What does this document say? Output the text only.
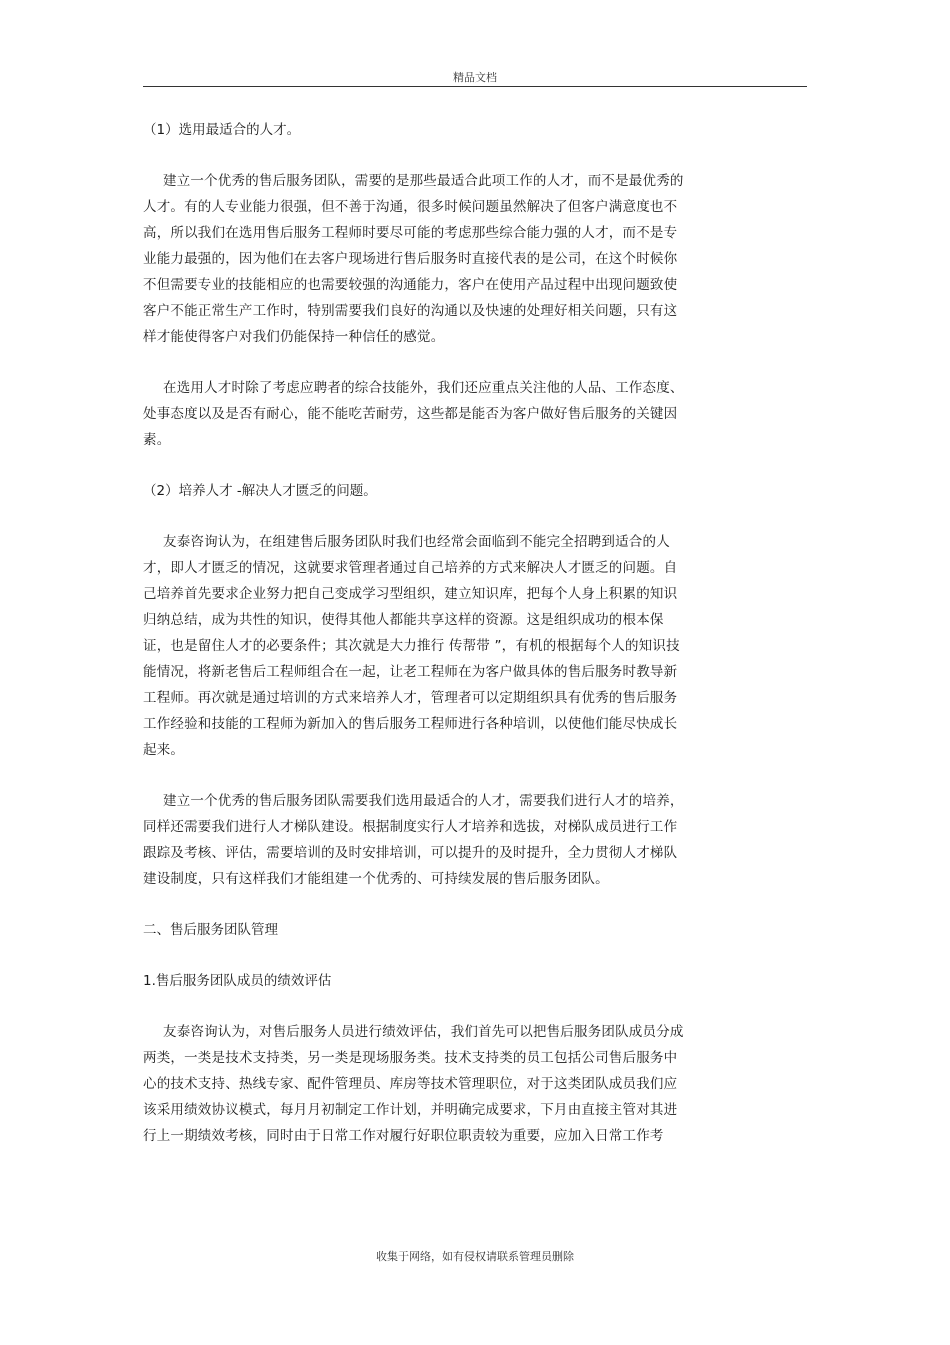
精品文档
（1）选用最适合的人才。
建立一个优秀的售后服务团队，需要的是那些最适合此项工作的人才，而不是最优秀的
人才。有的人专业能力很强，但不善于沟通，很多时候问题虽然解决了但客户满意度也不
高，所以我们在选用售后服务工程师时要尽可能的考虑那些综合能力强的人才，而不是专
业能力最强的，因为他们在去客户现场进行售后服务时直接代表的是公司，在这个时候你
不但需要专业的技能相应的也需要较强的沟通能力，客户在使用产品过程中出现问题致使
客户不能正常生产工作时，特别需要我们良好的沟通以及快速的处理好相关问题，只有这
样才能使得客户对我们仍能保持一种信任的感觉。
在选用人才时除了考虑应聘者的综合技能外，我们还应重点关注他的人品、工作态度、
处事态度以及是否有耐心，能不能吃苦耐劳，这些都是能否为客户做好售后服务的关键因
素。
（2）培养人才 -解决人才匮乏的问题。
友泰咨询认为，在组建售后服务团队时我们也经常会面临到不能完全招聘到适合的人
才，即人才匮乏的情况，这就要求管理者通过自己培养的方式来解决人才匮乏的问题。自
己培养首先要求企业努力把自己变成学习型组织，建立知识库，把每个人身上积累的知识
归纳总结，成为共性的知识，使得其他人都能共享这样的资源。这是组织成功的根本保
证，也是留住人才的必要条件；其次就是大力推行 传帮带 ”，有机的根据每个人的知识技
能情况，将新老售后工程师组合在一起，让老工程师在为客户做具体的售后服务时教导新
工程师。再次就是通过培训的方式来培养人才，管理者可以定期组织具有优秀的售后服务
工作经验和技能的工程师为新加入的售后服务工程师进行各种培训，以使他们能尽快成长
起来。
建立一个优秀的售后服务团队需要我们选用最适合的人才，需要我们进行人才的培养，
同样还需要我们进行人才梯队建设。根据制度实行人才培养和选拔，对梯队成员进行工作
跟踪及考核、评估，需要培训的及时安排培训，可以提升的及时提升，全力贯彻人才梯队
建设制度，只有这样我们才能组建一个优秀的、可持续发展的售后服务团队。
二、售后服务团队管理
1.售后服务团队成员的绩效评估
友泰咨询认为，对售后服务人员进行绩效评估，我们首先可以把售后服务团队成员分成
两类，一类是技术支持类，另一类是现场服务类。技术支持类的员工包括公司售后服务中
心的技术支持、热线专家、配件管理员、库房等技术管理职位，对于这类团队成员我们应
该采用绩效协议模式，每月月初制定工作计划，并明确完成要求，下月由直接主管对其进
行上一期绩效考核，同时由于日常工作对履行好职位职责较为重要，应加入日常工作考
收集于网络，如有侵权请联系管理员删除
